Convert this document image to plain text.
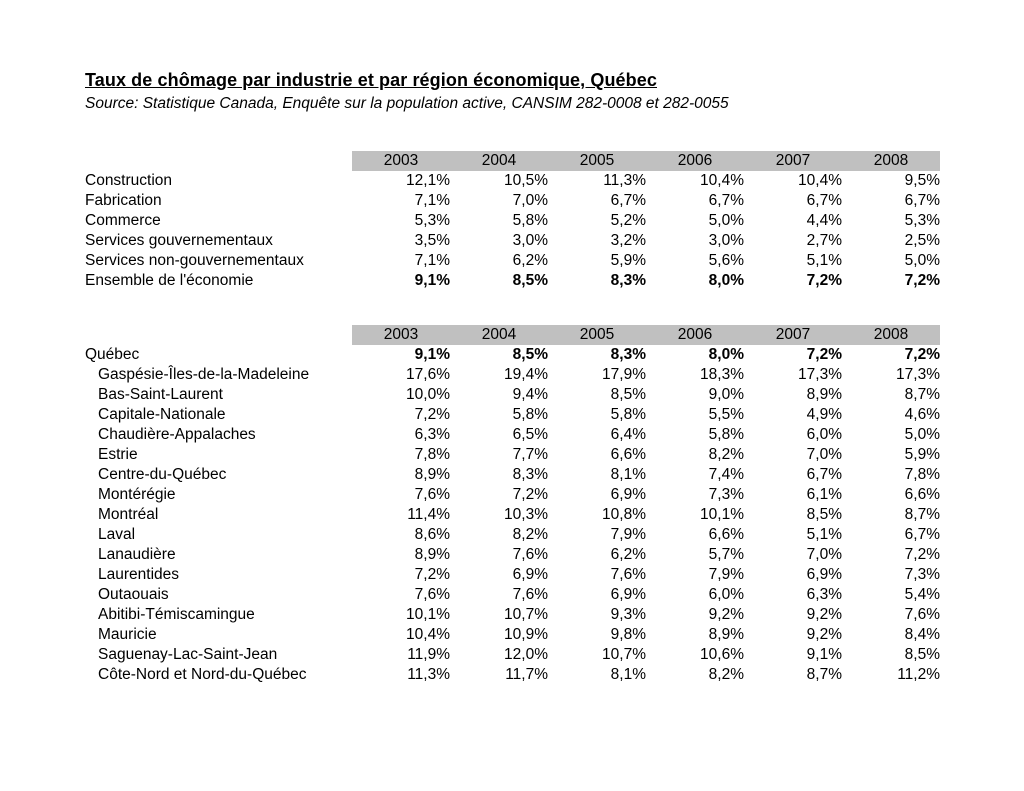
Taux de chômage par industrie et par région économique, Québec
Source: Statistique Canada, Enquête sur la population active, CANSIM 282-0008 et 282-0055
	2003	2004	2005	2006	2007	2008
Construction	12,1%	10,5%	11,3%	10,4%	10,4%	9,5%
Fabrication	7,1%	7,0%	6,7%	6,7%	6,7%	6,7%
Commerce	5,3%	5,8%	5,2%	5,0%	4,4%	5,3%
Services gouvernementaux	3,5%	3,0%	3,2%	3,0%	2,7%	2,5%
Services non-gouvernementaux	7,1%	6,2%	5,9%	5,6%	5,1%	5,0%
Ensemble de l'économie	9,1%	8,5%	8,3%	8,0%	7,2%	7,2%
	2003	2004	2005	2006	2007	2008
Québec	9,1%	8,5%	8,3%	8,0%	7,2%	7,2%
Gaspésie-Îles-de-la-Madeleine	17,6%	19,4%	17,9%	18,3%	17,3%	17,3%
Bas-Saint-Laurent	10,0%	9,4%	8,5%	9,0%	8,9%	8,7%
Capitale-Nationale	7,2%	5,8%	5,8%	5,5%	4,9%	4,6%
Chaudière-Appalaches	6,3%	6,5%	6,4%	5,8%	6,0%	5,0%
Estrie	7,8%	7,7%	6,6%	8,2%	7,0%	5,9%
Centre-du-Québec	8,9%	8,3%	8,1%	7,4%	6,7%	7,8%
Montérégie	7,6%	7,2%	6,9%	7,3%	6,1%	6,6%
Montréal	11,4%	10,3%	10,8%	10,1%	8,5%	8,7%
Laval	8,6%	8,2%	7,9%	6,6%	5,1%	6,7%
Lanaudière	8,9%	7,6%	6,2%	5,7%	7,0%	7,2%
Laurentides	7,2%	6,9%	7,6%	7,9%	6,9%	7,3%
Outaouais	7,6%	7,6%	6,9%	6,0%	6,3%	5,4%
Abitibi-Témiscamingue	10,1%	10,7%	9,3%	9,2%	9,2%	7,6%
Mauricie	10,4%	10,9%	9,8%	8,9%	9,2%	8,4%
Saguenay-Lac-Saint-Jean	11,9%	12,0%	10,7%	10,6%	9,1%	8,5%
Côte-Nord et Nord-du-Québec	11,3%	11,7%	8,1%	8,2%	8,7%	11,2%
